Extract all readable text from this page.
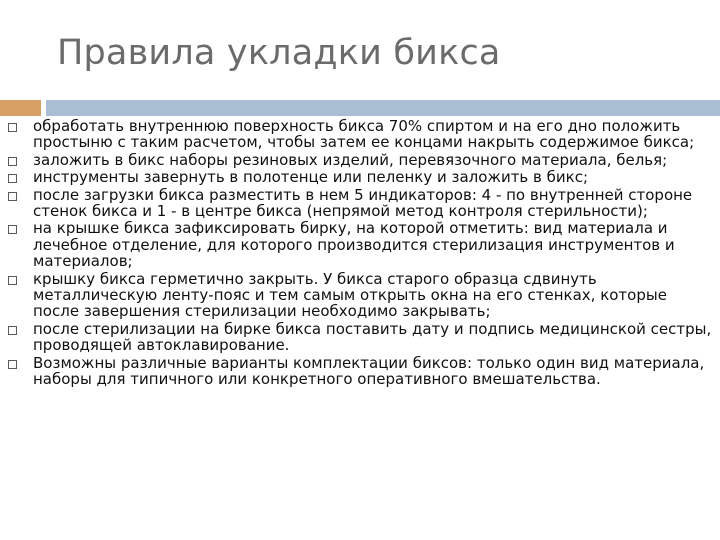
Правила укладки бикса
обработать внутреннюю поверхность бикса 70% спиртом и на его дно положить простыню с таким расчетом, чтобы затем ее концами накрыть содержимое бикса;
заложить в бикс наборы резиновых изделий, перевязочного материала, белья;
инструменты завернуть в полотенце или пеленку и заложить в бикс;
после загрузки бикса разместить в нем 5 индикаторов: 4 - по внутренней стороне стенок бикса и 1 - в центре бикса (непрямой метод контроля стерильности);
на крышке бикса зафиксировать бирку, на которой отметить: вид материала и лечебное отделение, для которого производится стерилизация инструментов и материалов;
крышку бикса герметично закрыть. У бикса старого образца сдвинуть металлическую ленту-пояс и тем самым открыть окна на его стенках, которые после завершения стерилизации необходимо закрывать;
после стерилизации на бирке бикса поставить дату и подпись медицинской сестры, проводящей автоклавирование.
Возможны различные варианты комплектации биксов: только один вид материала, наборы для типичного или конкретного оперативного вмешательства.
